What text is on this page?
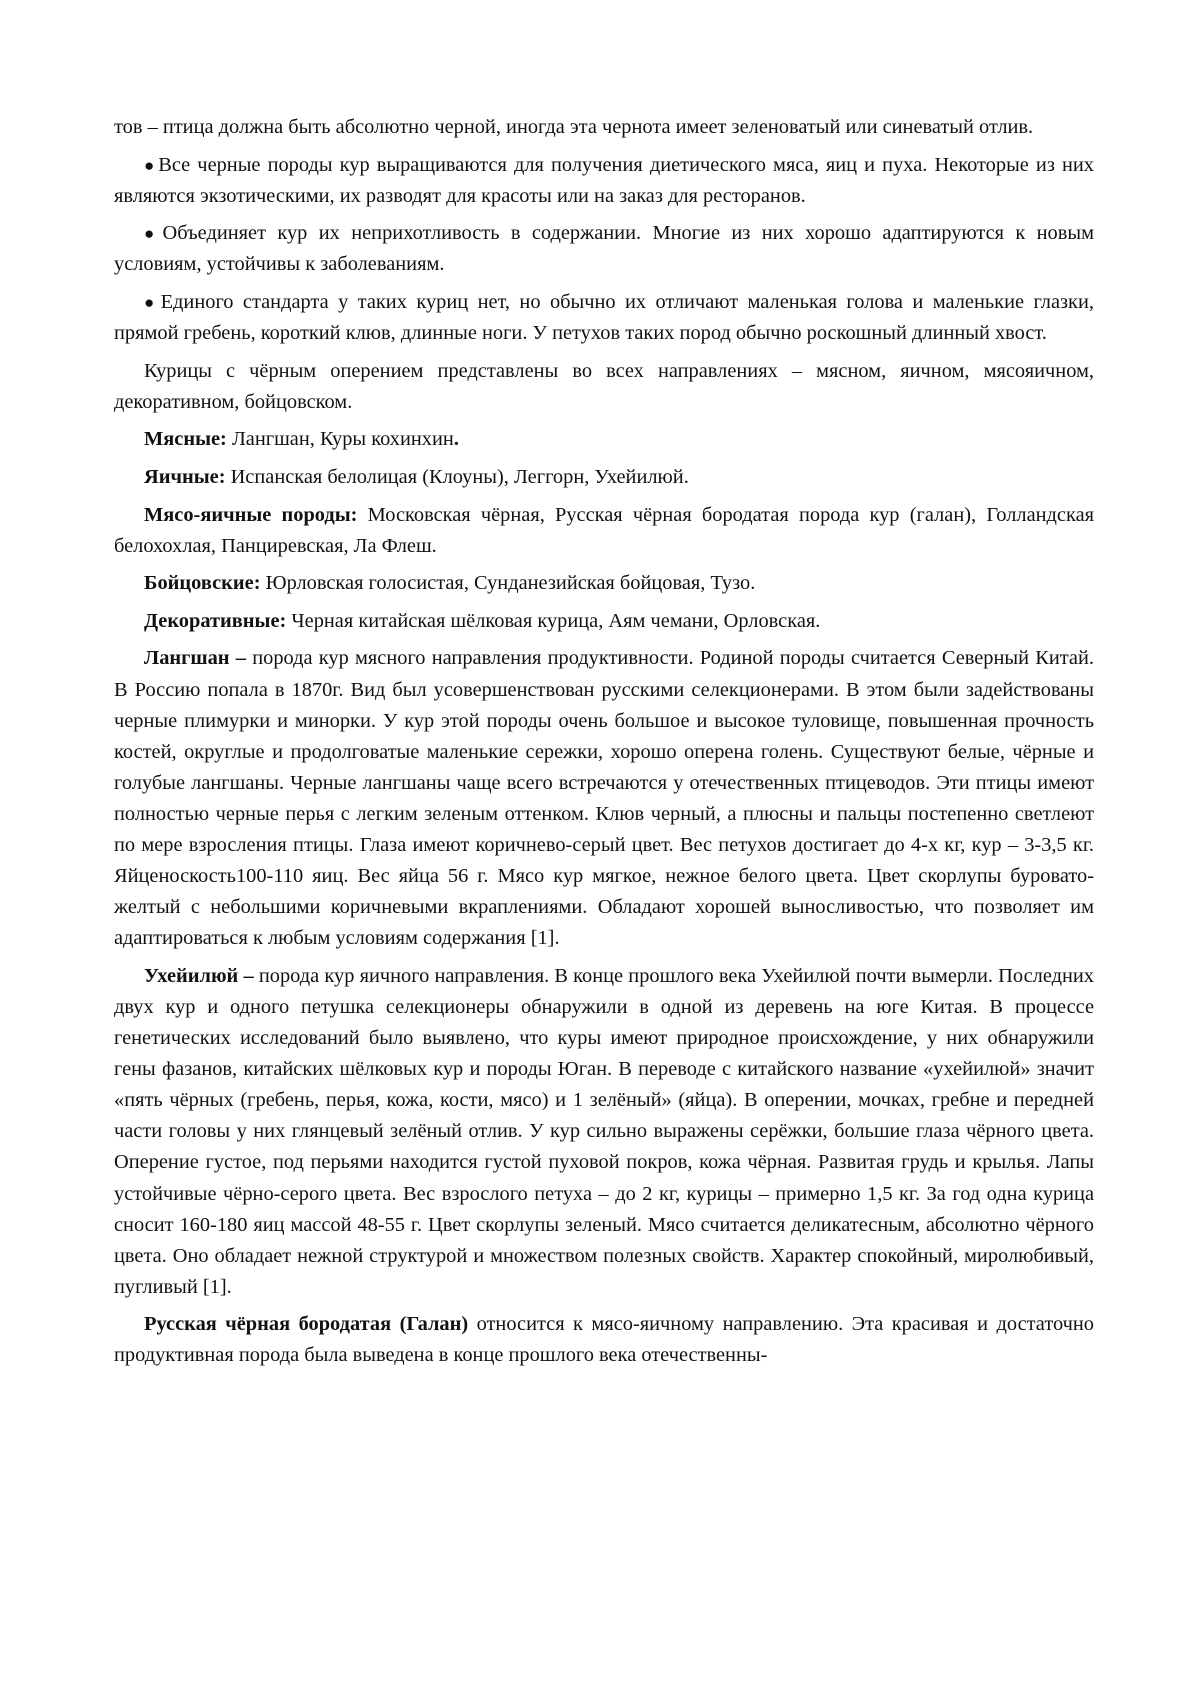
тов – птица должна быть абсолютно черной, иногда эта чернота имеет зеленоватый или синеватый отлив.

●Все черные породы кур выращиваются для получения диетического мяса, яиц и пуха. Некоторые из них являются экзотическими, их разводят для красоты или на заказ для ресторанов.

●Объединяет кур их неприхотливость в содержании. Многие из них хорошо адаптируются к новым условиям, устойчивы к заболеваниям.

●Единого стандарта у таких куриц нет, но обычно их отличают маленькая голова и маленькие глазки, прямой гребень, короткий клюв, длинные ноги. У петухов таких пород обычно роскошный длинный хвост.

Курицы с чёрным оперением представлены во всех направлениях – мясном, яичном, мясояичном, декоративном, бойцовском.

Мясные: Лангшан, Куры кохинхин.

Яичные: Испанская белолицая (Клоуны), Леггорн, Ухейилюй.

Мясо-яичные породы: Московская чёрная, Русская чёрная бородатая порода кур (галан), Голландская белохохлая, Панциревская, Ла Флеш.

Бойцовские: Юрловская голосистая, Сунданезийская бойцовая, Тузо.

Декоративные: Черная китайская шёлковая курица, Аям чемани, Орловская.

Лангшан – порода кур мясного направления продуктивности. Родиной породы считается Северный Китай. В Россию попала в 1870г. Вид был усовершенствован русскими селекционерами. В этом были задействованы черные плимурки и минорки. У кур этой породы очень большое и высокое туловище, повышенная прочность костей, округлые и продолговатые маленькие сережки, хорошо оперена голень. Существуют белые, чёрные и голубые лангшаны. Черные лангшаны чаще всего встречаются у отечественных птицеводов. Эти птицы имеют полностью черные перья с легким зеленым оттенком. Клюв черный, а плюсны и пальцы постепенно светлеют по мере взросления птицы. Глаза имеют коричнево-серый цвет. Вес петухов достигает до 4-х кг, кур – 3-3,5 кг. Яйценоскость100-110 яиц. Вес яйца 56 г. Мясо кур мягкое, нежное белого цвета. Цвет скорлупы буровато-желтый с небольшими коричневыми вкраплениями. Обладают хорошей выносливостью, что позволяет им адаптироваться к любым условиям содержания [1].

Ухейилюй – порода кур яичного направления. В конце прошлого века Ухейилюй почти вымерли. Последних двух кур и одного петушка селекционеры обнаружили в одной из деревень на юге Китая. В процессе генетических исследований было выявлено, что куры имеют природное происхождение, у них обнаружили гены фазанов, китайских шёлковых кур и породы Юган. В переводе с китайского название «ухейилюй» значит «пять чёрных (гребень, перья, кожа, кости, мясо) и 1 зелёный» (яйца). В оперении, мочках, гребне и передней части головы у них глянцевый зелёный отлив. У кур сильно выражены серёжки, большие глаза чёрного цвета. Оперение густое, под перьями находится густой пуховой покров, кожа чёрная. Развитая грудь и крылья. Лапы устойчивые чёрно-серого цвета. Вес взрослого петуха – до 2 кг, курицы – примерно 1,5 кг. За год одна курица сносит 160-180 яиц массой 48-55 г. Цвет скорлупы зеленый. Мясо считается деликатесным, абсолютно чёрного цвета. Оно обладает нежной структурой и множеством полезных свойств. Характер спокойный, миролюбивый, пугливый [1].

Русская чёрная бородатая (Галан) относится к мясо-яичному направлению. Эта красивая и достаточно продуктивная порода была выведена в конце прошлого века отечественны-
